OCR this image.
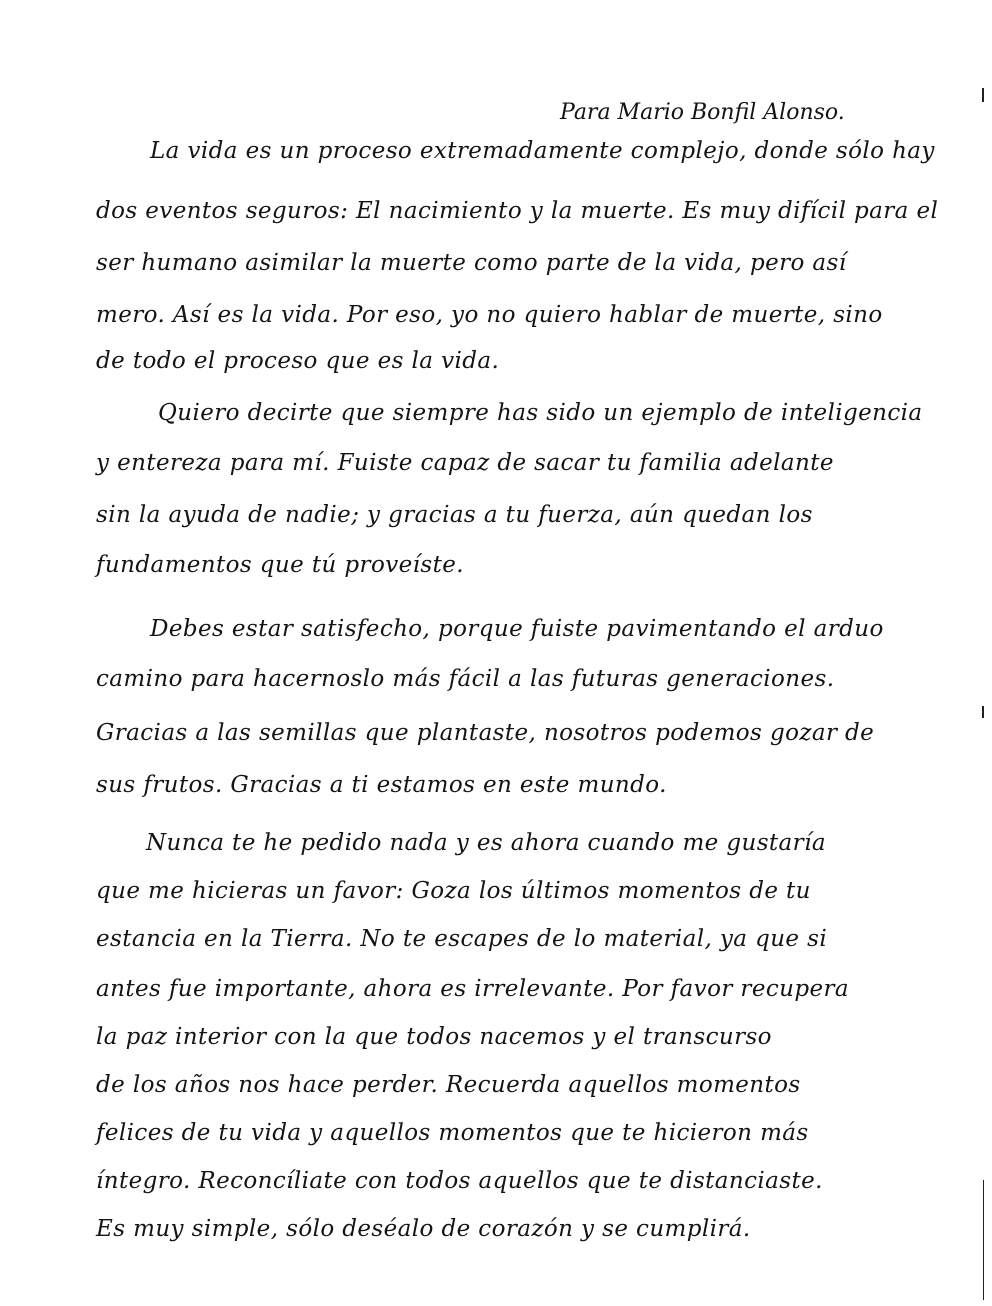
Para Mario Bonfil Alonso.
La vida es un proceso extremadamente complejo, donde sólo hay
dos eventos seguros: El nacimiento y la muerte. Es muy difícil para el
ser humano asimilar la muerte como parte de la vida, pero así
mero. Así es la vida. Por eso, yo no quiero hablar de muerte, sino
de todo el proceso que es la vida.
Quiero decirte que siempre has sido un ejemplo de inteligencia
y entereza para mí. Fuiste capaz de sacar tu familia adelante
sin la ayuda de nadie; y gracias a tu fuerza, aún quedan los
fundamentos que tú proveíste.
Debes estar satisfecho, porque fuiste pavimentando el arduo
camino para hacernoslo más fácil a las futuras generaciones.
Gracias a las semillas que plantaste, nosotros podemos gozar de
sus frutos. Gracias a ti estamos en este mundo.
Nunca te he pedido nada y es ahora cuando me gustaría
que me hicieras un favor: Goza los últimos momentos de tu
estancia en la Tierra. No te escapes de lo material, ya que si
antes fue importante, ahora es irrelevante. Por favor recupera
la paz interior con la que todos nacemos y el transcurso
de los años nos hace perder. Recuerda aquellos momentos
felices de tu vida y aquellos momentos que te hicieron más
íntegro. Reconcíliate con todos aquellos que te distanciaste.
Es muy simple, sólo deséalo de corazón y se cumplirá.
